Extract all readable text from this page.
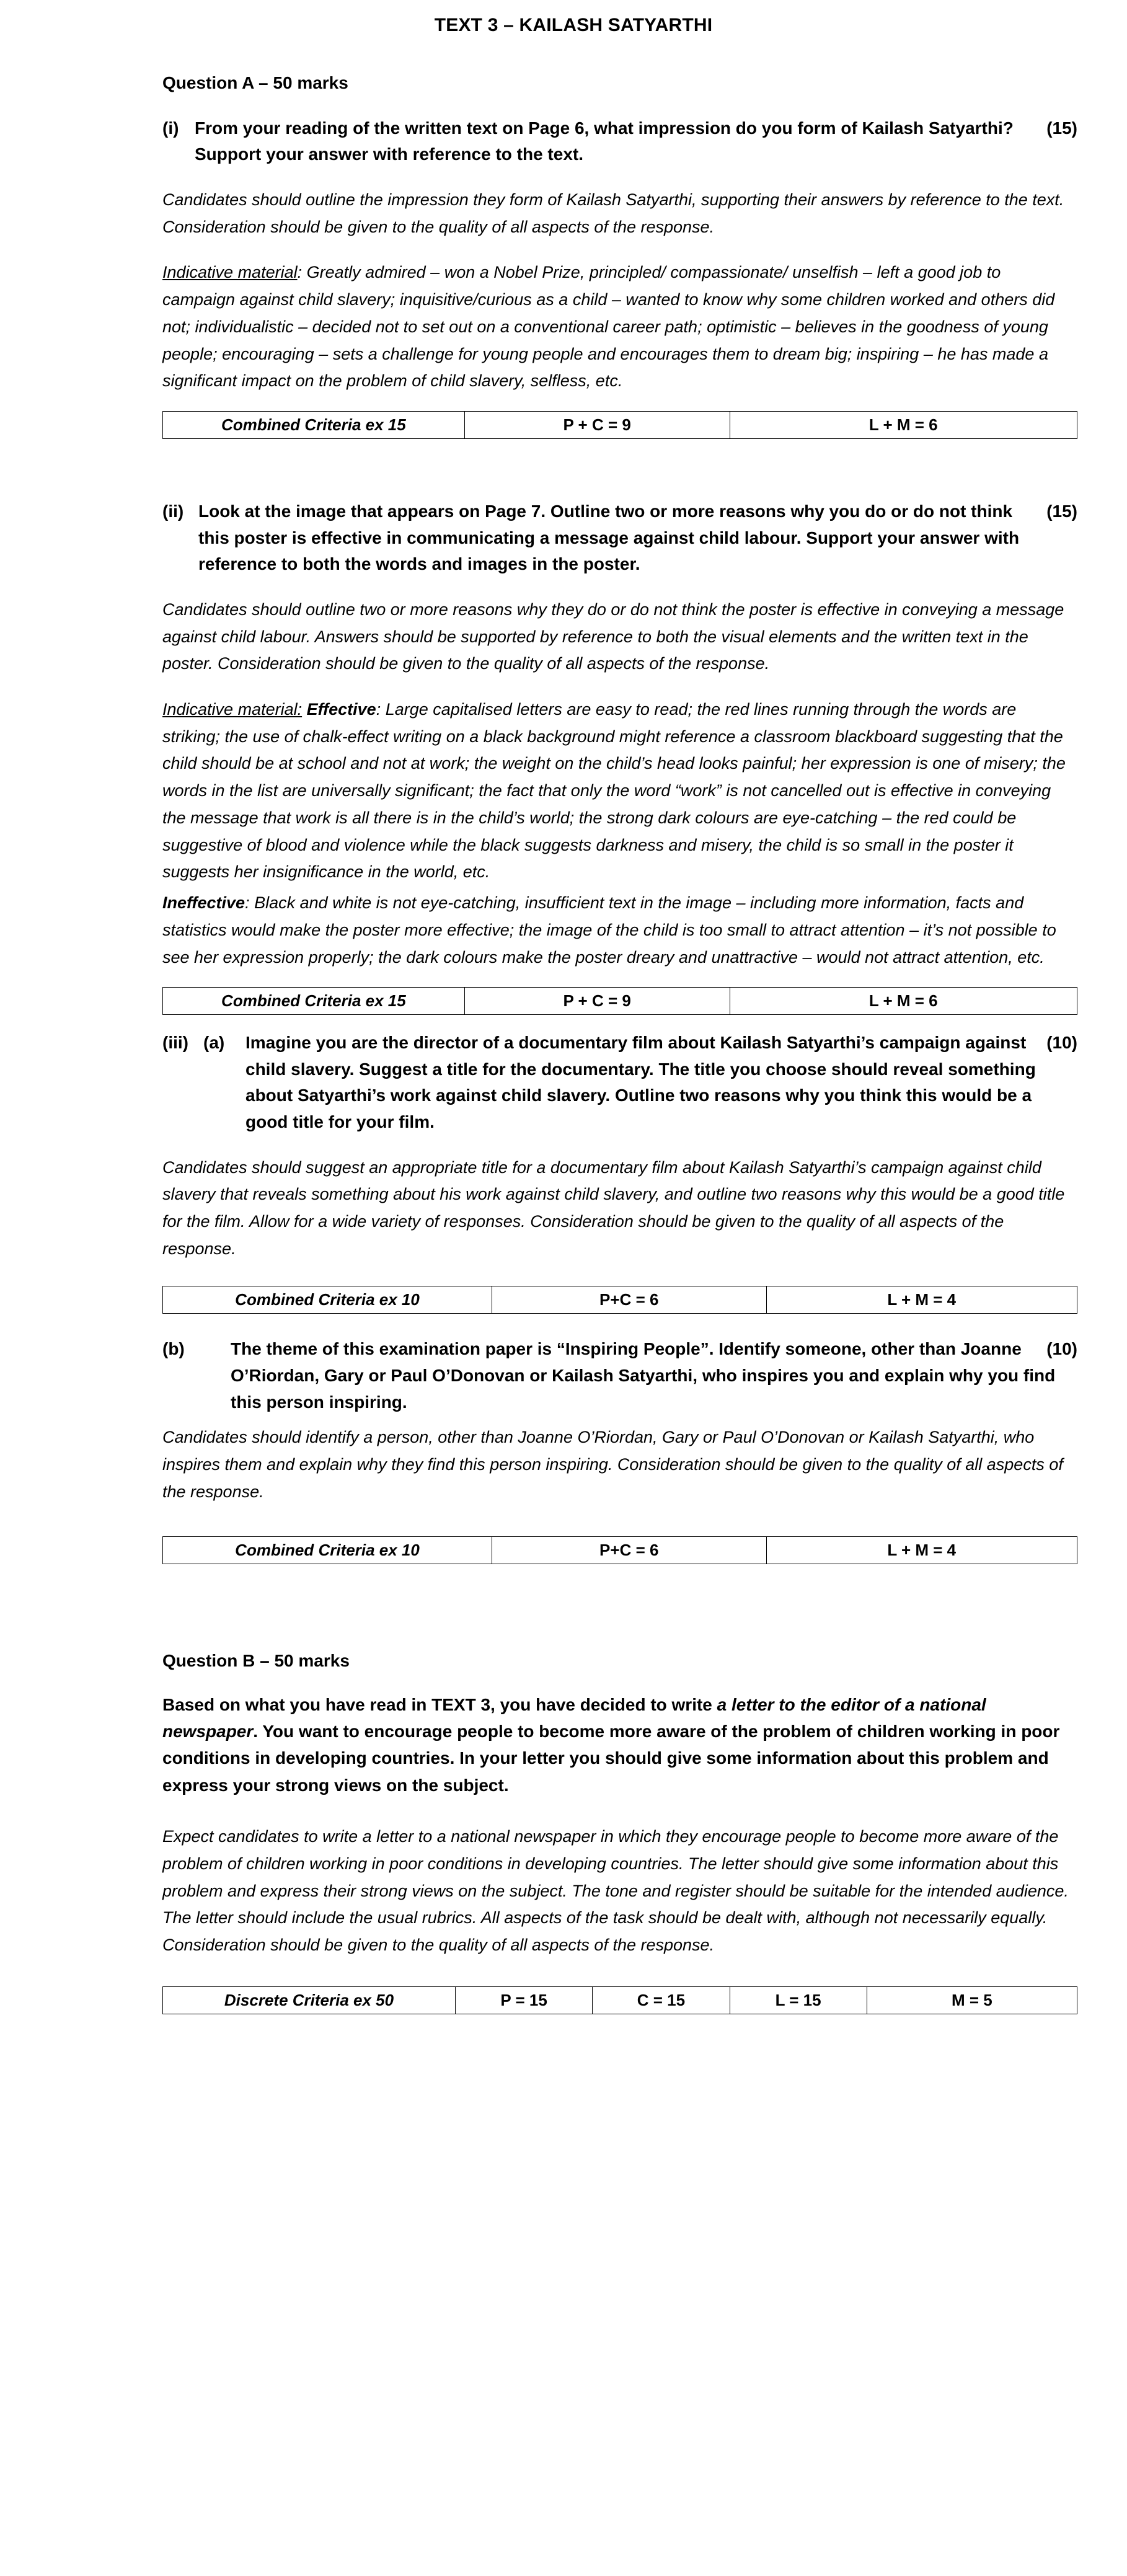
TEXT 3 – KAILASH SATYARTHI
Question A – 50 marks
(i)	(15)
From your reading of the written text on Page 6, what impression do you form of Kailash Satyarthi? Support your answer with reference to the text.
Candidates should outline the impression they form of Kailash Satyarthi, supporting their answers by reference to the text. Consideration should be given to the quality of all aspects of the response.
Indicative material: Greatly admired – won a Nobel Prize, principled/ compassionate/ unselfish – left a good job to campaign against child slavery; inquisitive/curious as a child – wanted to know why some children worked and others did not; individualistic – decided not to set out on a conventional career path; optimistic – believes in the goodness of young people; encouraging – sets a challenge for young people and encourages them to dream big; inspiring – he has made a significant impact on the problem of child slavery, selfless, etc.
Combined Criteria ex 15	P + C = 9	L + M = 6
(ii)	(15)
Look at the image that appears on Page 7. Outline two or more reasons why you do or do not think this poster is effective in communicating a message against child labour. Support your answer with reference to both the words and images in the poster.
Candidates should outline two or more reasons why they do or do not think the poster is effective in conveying a message against child labour. Answers should be supported by reference to both the visual elements and the written text in the poster. Consideration should be given to the quality of all aspects of the response.
Indicative material: Effective: Large capitalised letters are easy to read; the red lines running through the words are striking; the use of chalk-effect writing on a black background might reference a classroom blackboard suggesting that the child should be at school and not at work; the weight on the child’s head looks painful; her expression is one of misery; the words in the list are universally significant; the fact that only the word “work” is not cancelled out is effective in conveying the message that work is all there is in the child’s world; the strong dark colours are eye-catching – the red could be suggestive of blood and violence while the black suggests darkness and misery, the child is so small in the poster it suggests her insignificance in the world, etc.
Ineffective: Black and white is not eye-catching, insufficient text in the image – including more information, facts and statistics would make the poster more effective; the image of the child is too small to attract attention – it’s not possible to see her expression properly; the dark colours make the poster dreary and unattractive – would not attract attention, etc.
Combined Criteria ex 15	P + C = 9	L + M = 6
(iii) (a)	(10)
Imagine you are the director of a documentary film about Kailash Satyarthi’s campaign against child slavery. Suggest a title for the documentary. The title you choose should reveal something about Satyarthi’s work against child slavery. Outline two reasons why you think this would be a good title for your film.
Candidates should suggest an appropriate title for a documentary film about Kailash Satyarthi’s campaign against child slavery that reveals something about his work against child slavery, and outline two reasons why this would be a good title for the film. Allow for a wide variety of responses. Consideration should be given to the quality of all aspects of the response.
Combined Criteria ex 10	P+C = 6	L + M = 4
(b)	(10)
The theme of this examination paper is “Inspiring People”. Identify someone, other than Joanne O’Riordan, Gary or Paul O’Donovan or Kailash Satyarthi, who inspires you and explain why you find this person inspiring.
Candidates should identify a person, other than Joanne O’Riordan, Gary or Paul O’Donovan or Kailash Satyarthi, who inspires them and explain why they find this person inspiring. Consideration should be given to the quality of all aspects of the response.
Combined Criteria ex 10	P+C = 6	L + M = 4
Question B – 50 marks
Based on what you have read in TEXT 3, you have decided to write a letter to the editor of a national newspaper. You want to encourage people to become more aware of the problem of children working in poor conditions in developing countries. In your letter you should give some information about this problem and express your strong views on the subject.
Expect candidates to write a letter to a national newspaper in which they encourage people to become more aware of the problem of children working in poor conditions in developing countries. The letter should give some information about this problem and express their strong views on the subject. The tone and register should be suitable for the intended audience. The letter should include the usual rubrics. All aspects of the task should be dealt with, although not necessarily equally. Consideration should be given to the quality of all aspects of the response.
Discrete Criteria ex 50	P = 15	C = 15	L = 15	M = 5
